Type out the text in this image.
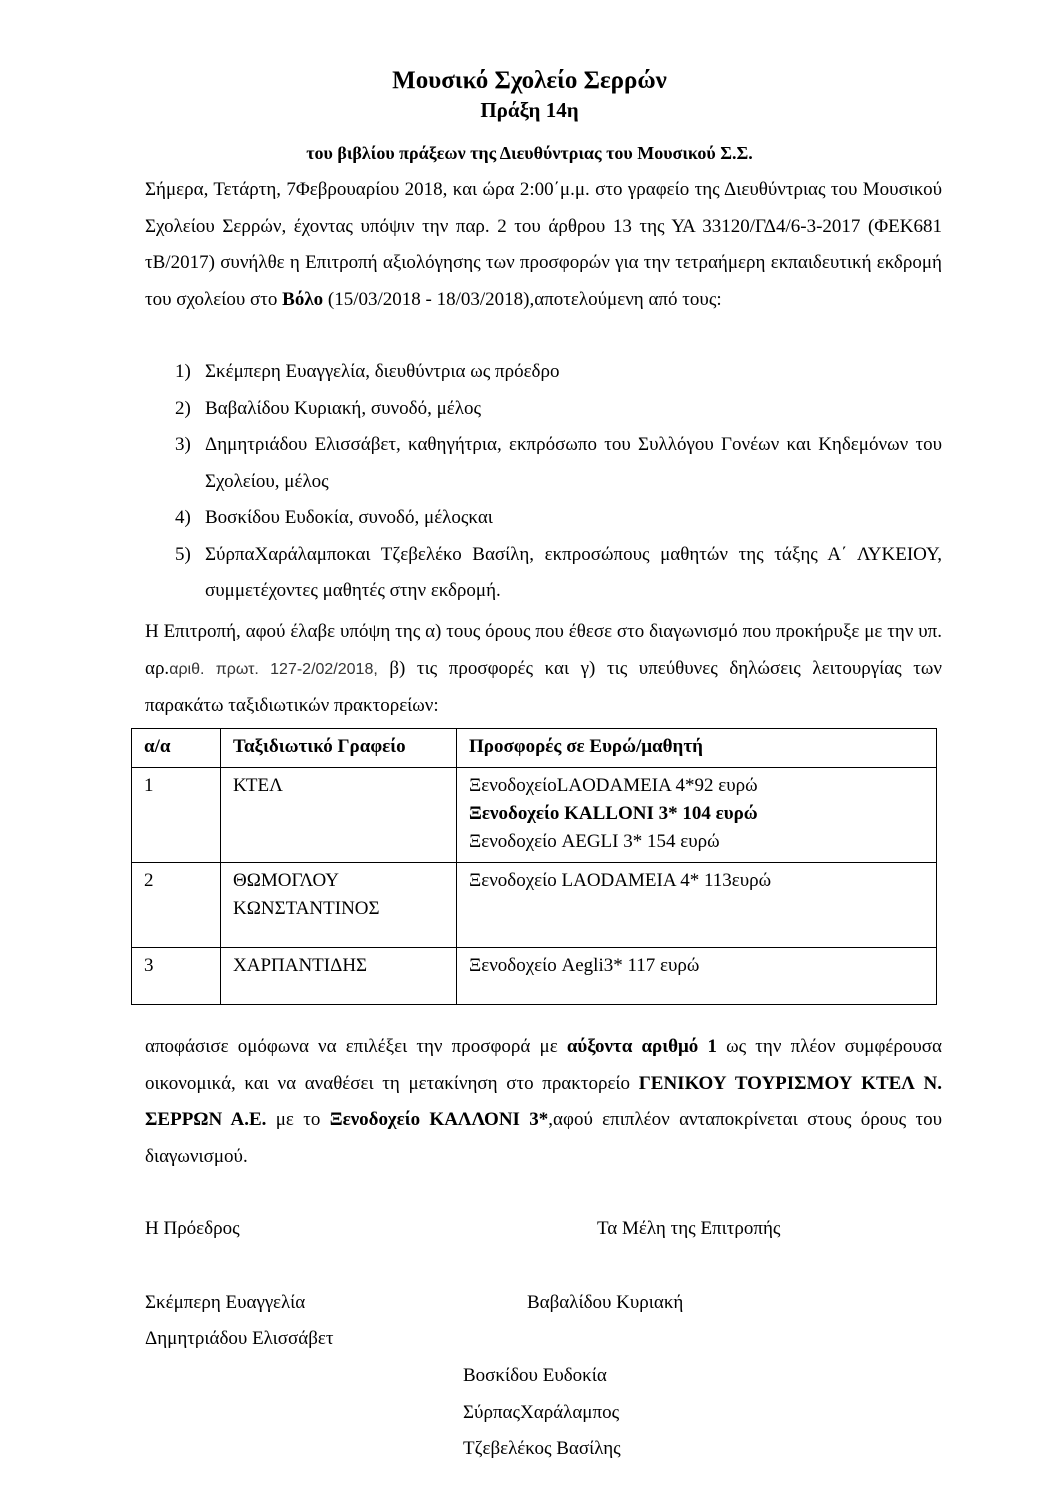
Μουσικό Σχολείο Σερρών
Πράξη 14η
του βιβλίου πράξεων της Διευθύντριας του Μουσικού Σ.Σ.
Σήμερα, Τετάρτη, 7Φεβρουαρίου 2018, και ώρα 2:00΄μ.μ. στο γραφείο της Διευθύντριας του Μουσικού Σχολείου Σερρών, έχοντας υπόψιν την παρ. 2 του άρθρου 13 της ΥΑ 33120/ΓΔ4/6-3-2017 (ΦΕΚ681 τΒ/2017) συνήλθε η Επιτροπή αξιολόγησης των προσφορών για την τετραήμερη εκπαιδευτική εκδρομή του σχολείου στο Βόλο (15/03/2018 - 18/03/2018),αποτελούμενη από τους:
1) Σκέμπερη Ευαγγελία, διευθύντρια ως πρόεδρο
2) Βαβαλίδου Κυριακή, συνοδό, μέλος
3) Δημητριάδου Ελισσάβετ, καθηγήτρια, εκπρόσωπο του Συλλόγου Γονέων και Κηδεμόνων του Σχολείου, μέλος
4) Βοσκίδου Ευδοκία, συνοδό, μέλοςκαι
5) ΣύρπαΧαράλαμποκαι Τζεβελέκο Βασίλη, εκπροσώπους μαθητών της τάξης Α΄ ΛΥΚΕΙΟΥ, συμμετέχοντες μαθητές στην εκδρομή.
Η Επιτροπή, αφού έλαβε υπόψη της α) τους όρους που έθεσε στο διαγωνισμό που προκήρυξε με την υπ. αρ.αριθ. πρωτ. 127-2/02/2018, β) τις προσφορές και γ) τις υπεύθυνες δηλώσεις λειτουργίας των παρακάτω ταξιδιωτικών πρακτορείων:
α/α	Ταξιδιωτικό Γραφείο	Προσφορές σε Ευρώ/μαθητή
1	ΚΤΕΛ	ΞενοδοχείοLAODAMEIA 4*92 ευρώ
Ξενοδοχείο KALLONI 3* 104 ευρώ
Ξενοδοχείο AEGLI 3* 154 ευρώ

2	ΘΩΜΟΓΛΟΥ ΚΩΝΣΤΑΝΤΙΝΟΣ	Ξενοδοχείο LAODAMEIA 4* 113ευρώ

3	ΧΑΡΠΑΝΤΙΔΗΣ	Ξενοδοχείο Aegli3* 117 ευρώ
αποφάσισε ομόφωνα να επιλέξει την προσφορά με αύξοντα αριθμό 1 ως την πλέον συμφέρουσα οικονομικά, και να αναθέσει τη μετακίνηση στο πρακτορείο ΓΕΝΙΚΟΥ ΤΟΥΡΙΣΜΟΥ ΚΤΕΛ Ν. ΣΕΡΡΩΝ Α.Ε. με το Ξενοδοχείο ΚΑΛΛΟΝΙ 3*,αφού επιπλέον ανταποκρίνεται στους όρους του διαγωνισμού.
Η Πρόεδρος	Τα Μέλη της Επιτροπής
Σκέμπερη Ευαγγελία	Βαβαλίδου Κυριακή
Δημητριάδου Ελισσάβετ
Βοσκίδου Ευδοκία
ΣύρπαςΧαράλαμπος
Τζεβελέκος Βασίλης
